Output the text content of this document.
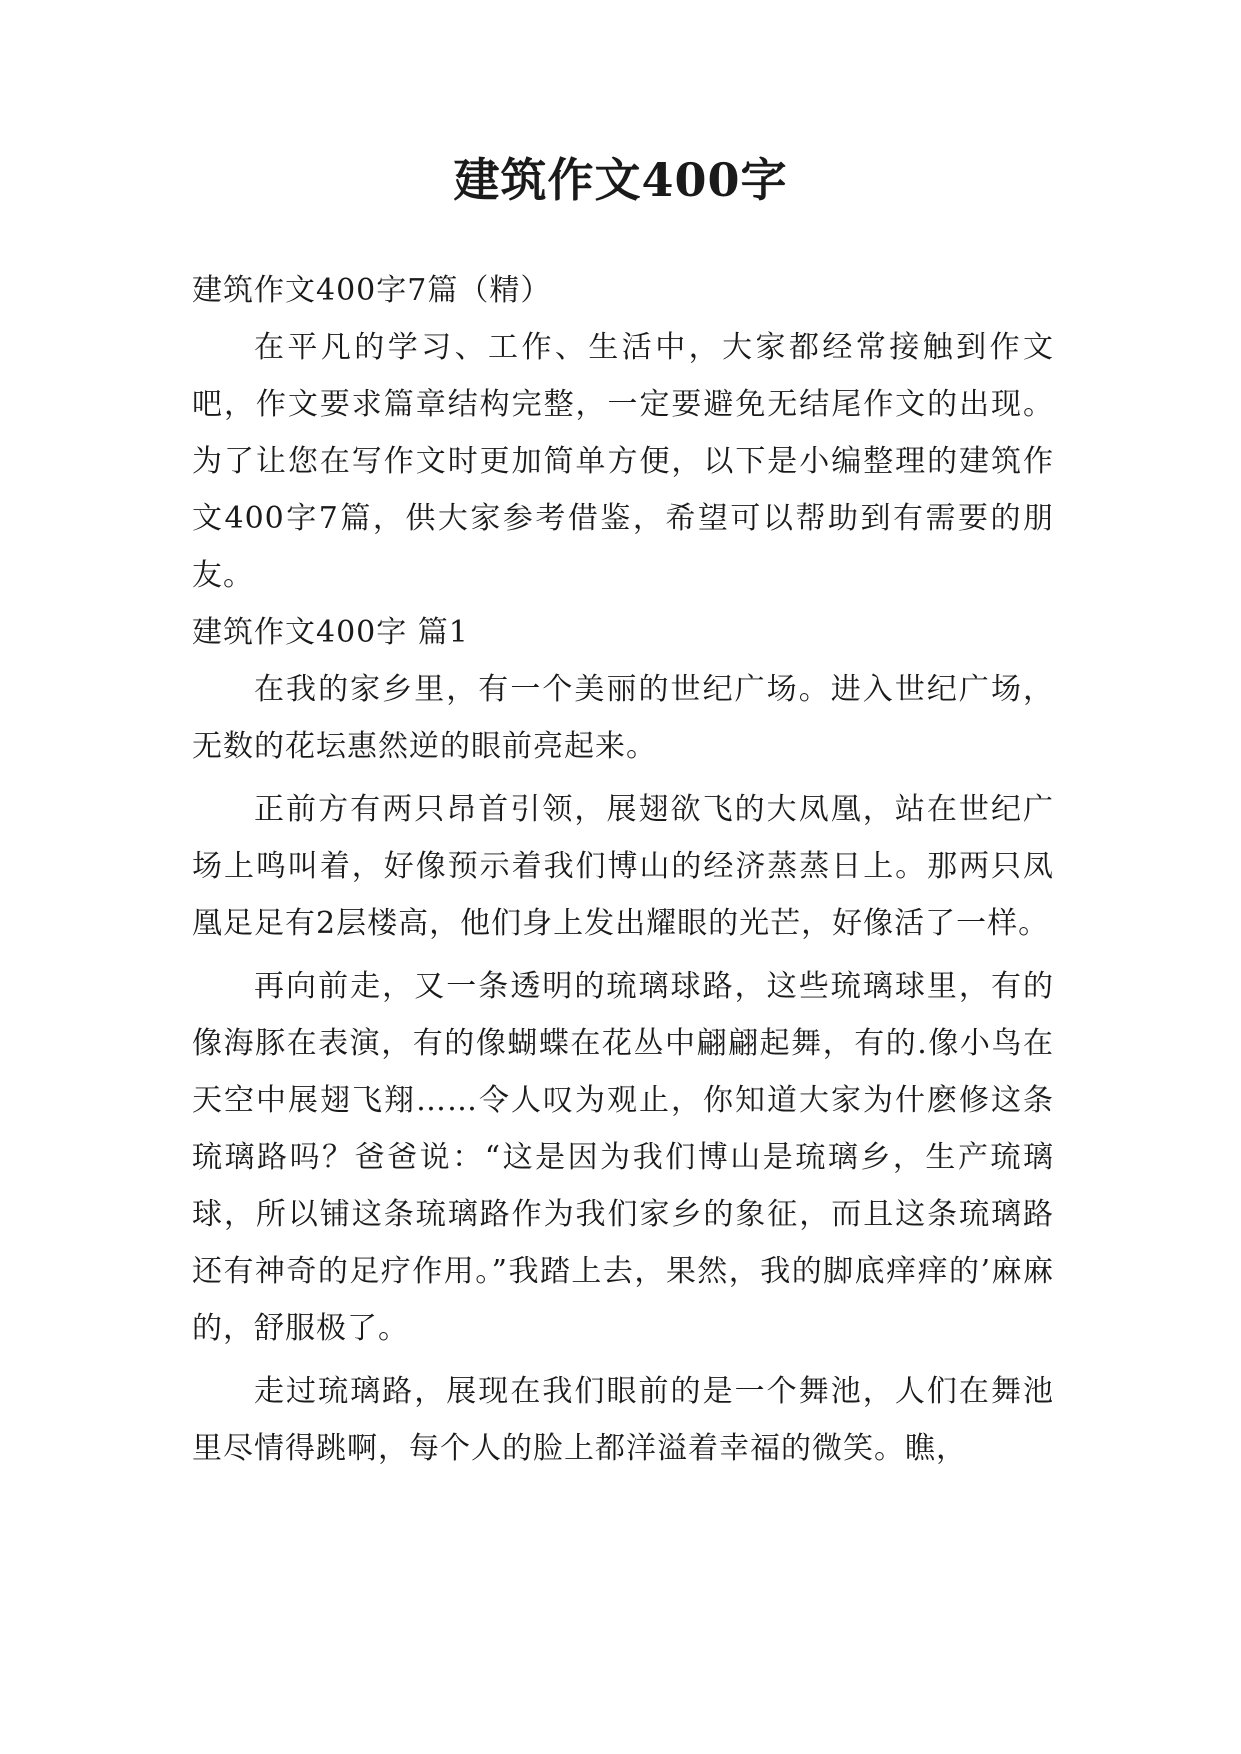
建筑作文400字

建筑作文400字7篇（精）

在平凡的学习、工作、生活中，大家都经常接触到作文吧，作文要求篇章结构完整，一定要避免无结尾作文的出现。为了让您在写作文时更加简单方便，以下是小编整理的建筑作文400字7篇，供大家参考借鉴，希望可以帮助到有需要的朋友。

建筑作文400字 篇1

在我的家乡里，有一个美丽的世纪广场。进入世纪广场，无数的花坛惠然逆的眼前亮起来。

正前方有两只昂首引领，展翅欲飞的大凤凰，站在世纪广场上鸣叫着，好像预示着我们博山的经济蒸蒸日上。那两只凤凰足足有2层楼高，他们身上发出耀眼的光芒，好像活了一样。

再向前走，又一条透明的琉璃球路，这些琉璃球里，有的像海豚在表演，有的像蝴蝶在花丛中翩翩起舞，有的.像小鸟在天空中展翅飞翔……令人叹为观止，你知道大家为什麽修这条琉璃路吗？爸爸说：“这是因为我们博山是琉璃乡，生产琉璃球，所以铺这条琉璃路作为我们家乡的象征，而且这条琉璃路还有神奇的足疗作用。”我踏上去，果然，我的脚底痒痒的’麻麻的，舒服极了。

走过琉璃路，展现在我们眼前的是一个舞池，人们在舞池里尽情得跳啊，每个人的脸上都洋溢着幸福的微笑。瞧，
